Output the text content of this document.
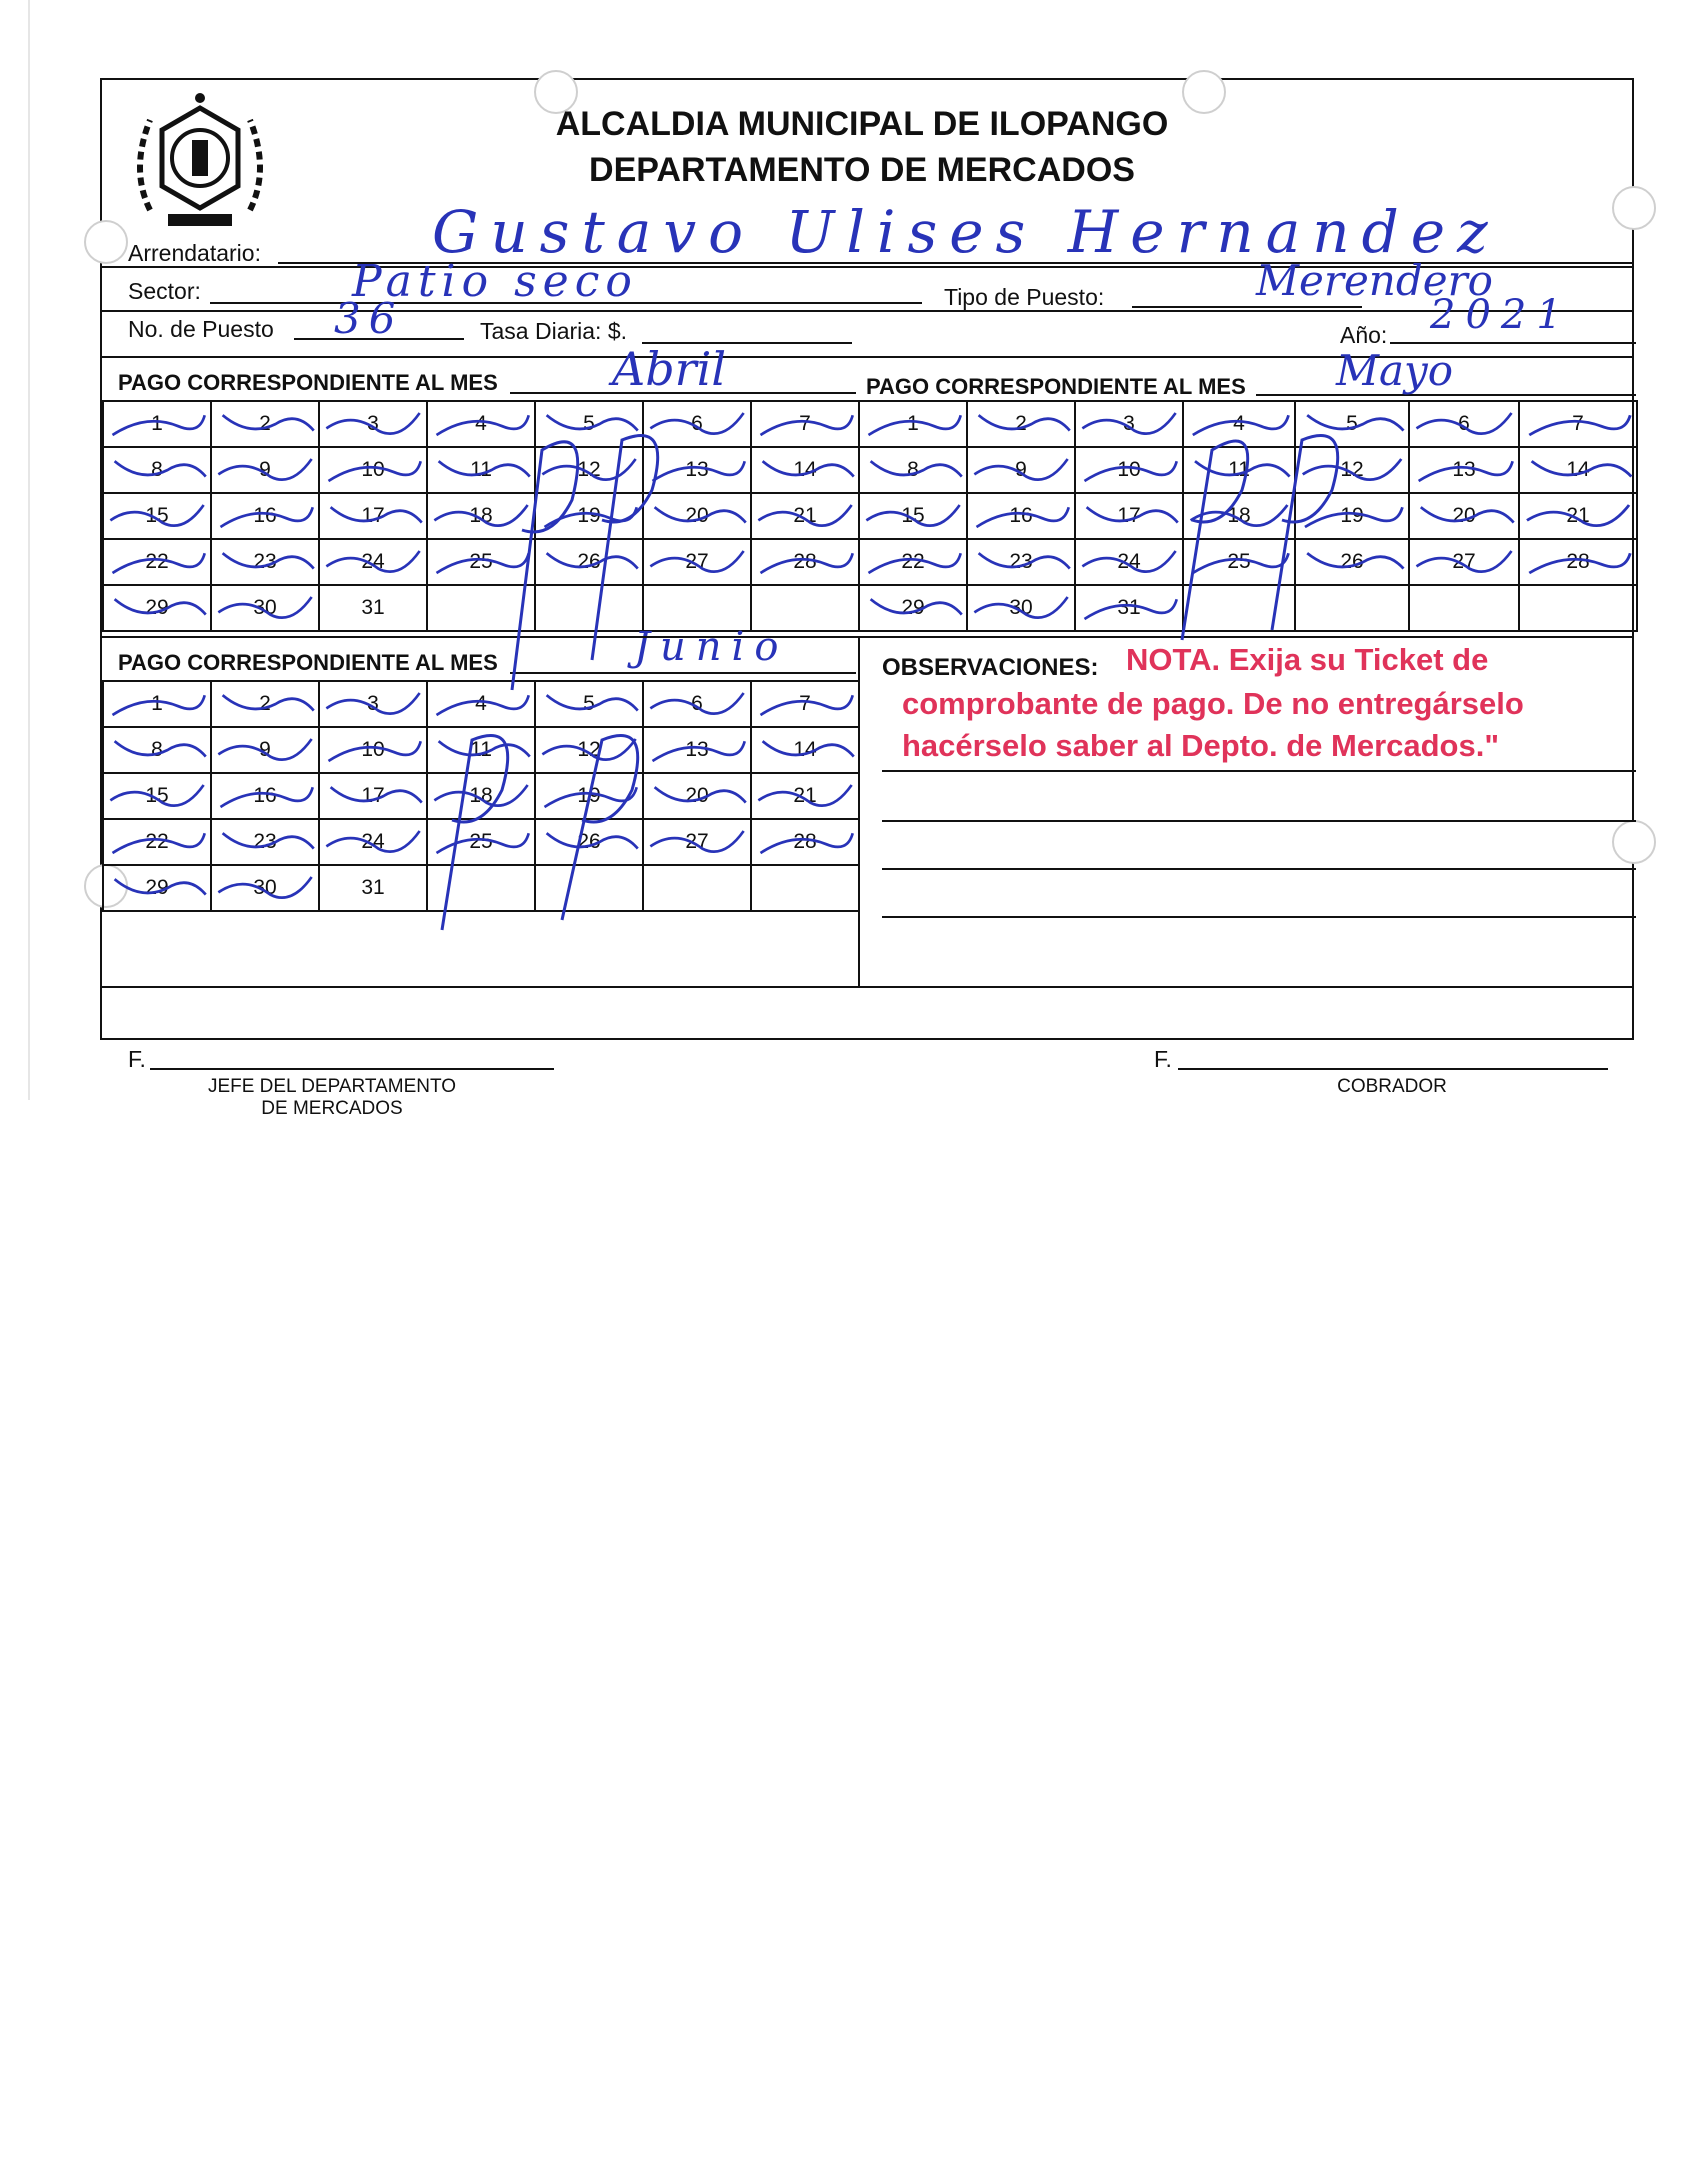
ALCALDIA MUNICIPAL DE ILOPANGO
DEPARTAMENTO DE MERCADOS
Arrendatario:	Gustavo Ulises Hernandez
Sector:	Patio seco	Tipo de Puesto:	Merendero
No. de Puesto 36	Tasa Diaria: $.	Año: 2021
PAGO CORRESPONDIENTE AL MES Abril	PAGO CORRESPONDIENTE AL MES Mayo
1	2	3	4	5	6	7

8	9	10	11	12	13	14

15	16	17	18	19	20	21

22	23	24	25	26	27	28

29	30	31				
1	2	3	4	5	6	7

8	9	10	11	12	13	14

15	16	17	18	19	20	21

22	23	24	25	26	27	28

29	30	31

PAGO CORRESPONDIENTE AL MES	Junio
1	2	3	4	5	6	7

8	9	10	11	12	13	14

15	16	17	18	19	20	21

22	23	24	25	26	27	28

29	30	31				
OBSERVACIONES: NOTA. Exija su Ticket de
comprobante de pago. De no entregárselo
hacérselo saber al Depto. de Mercados."
F.
JEFE DEL DEPARTAMENTO
DE MERCADOS
F.
COBRADOR
